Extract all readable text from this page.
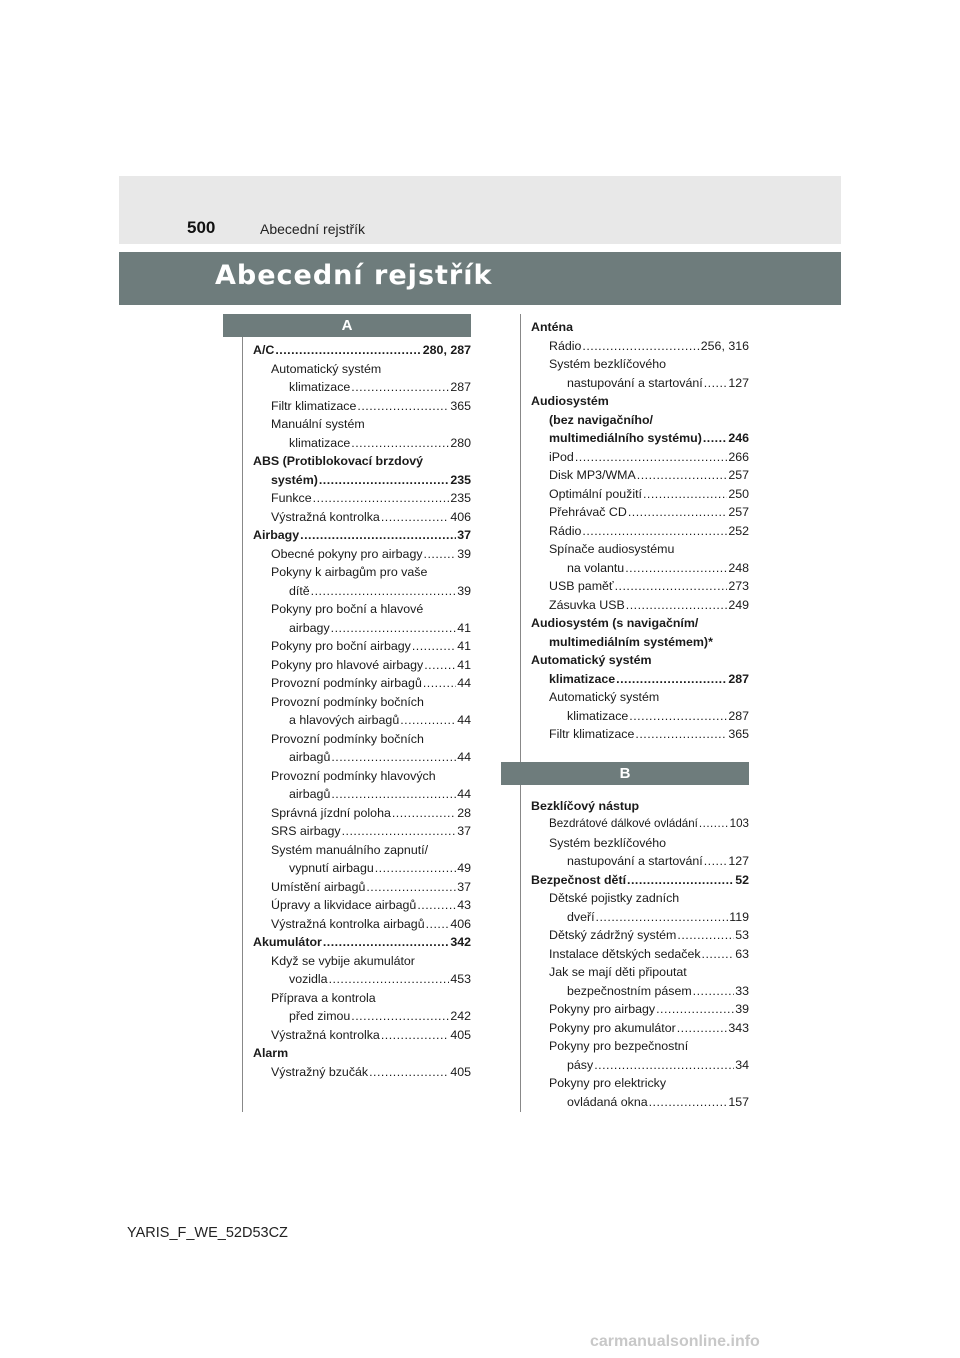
500	Abecední rejstřík
Abecední rejstřík
A
A/C .....	280, 287
Automatický systém
klimatizace .....	287
Filtr klimatizace .....	365
Manuální systém
klimatizace .....	280
ABS (Protiblokovací brzdový
systém) .....	235
Funkce .....	235
Výstražná kontrolka .....	406
Airbagy .....	37
Obecné pokyny pro airbagy .....	39
Pokyny k airbagům pro vaše
dítě .....	39
Pokyny pro boční a hlavové
airbagy .....	41
Pokyny pro boční airbagy .....	41
Pokyny pro hlavové airbagy .....	41
Provozní podmínky airbagů .....	44
Provozní podmínky bočních
a hlavových airbagů .....	44
Provozní podmínky bočních
airbagů .....	44
Provozní podmínky hlavových
airbagů .....	44
Správná jízdní poloha .....	28
SRS airbagy .....	37
Systém manuálního zapnutí/
vypnutí airbagu .....	49
Umístění airbagů .....	37
Úpravy a likvidace airbagů .....	43
Výstražná kontrolka airbagů ..... 406
Akumulátor .....	342
Když se vybije akumulátor
vozidla .....	453
Příprava a kontrola
před zimou .....	242
Výstražná kontrolka .....	405
Alarm
Výstražný bzučák .....	405
Anténa
Rádio .....	256, 316
Systém bezklíčového
nastupování a startování ..... 127
Audiosystém
(bez navigačního/
multimediálního systému) ..... 246
iPod .....	266
Disk MP3/WMA .....	257
Optimální použití .....	250
Přehrávač CD .....	257
Rádio .....	252
Spínače audiosystému
na volantu .....	248
USB paměť .....	273
Zásuvka USB .....	249
Audiosystém (s navigačním/
multimediálním systémem)*
Automatický systém
klimatizace .....	287
Automatický systém
klimatizace .....	287
Filtr klimatizace .....	365
B
Bezklíčový nástup
Bezdrátové dálkové ovládání .....	103
Systém bezklíčového
nastupování a startování ..... 127
Bezpečnost dětí .....	52
Dětské pojistky zadních
dveří .....	119
Dětský zádržný systém .....	53
Instalace dětských sedaček .....	63
Jak se mají děti připoutat
bezpečnostním pásem .....	33
Pokyny pro airbagy .....	39
Pokyny pro akumulátor .....	343
Pokyny pro bezpečnostní
pásy .....	34
Pokyny pro elektricky
ovládaná okna .....	157
YARIS_F_WE_52D53CZ
carmanualsonline.info
